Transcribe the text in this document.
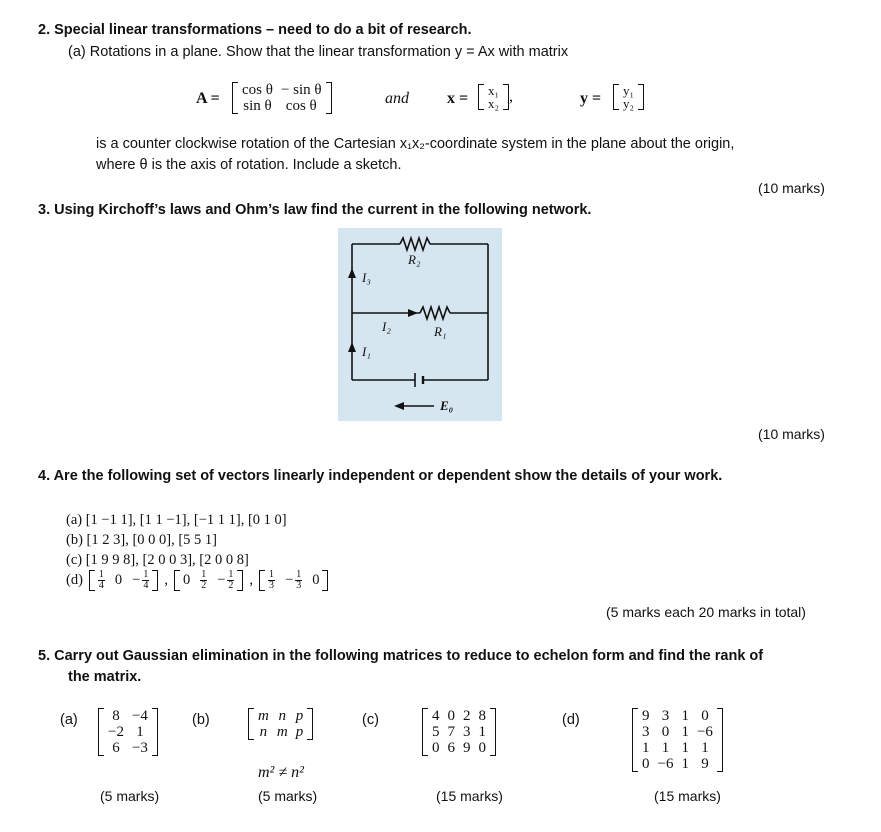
2. Special linear transformations – need to do a bit of research.
(a) Rotations in a plane. Show that the linear transformation y = Ax with matrix
A = cos θ	− sin θ
sin θ	cos θ	and x = x₁
x₂ ,	y = y₁
y₂
is a counter clockwise rotation of the Cartesian x₁x₂-coordinate system in the plane about the origin,
where θ is the axis of rotation. Include a sketch.
(10 marks)
3. Using Kirchoff’s laws and Ohm’s law find the current in the following network.
R₂
R₁
I₃
I₂
I₁
E₀
(10 marks)
4. Are the following set of vectors linearly independent or dependent show the details of your work.
(a) [1 −1 1], [1 1 −1], [−1 1 1], [0 1 0]
(b) [1 2 3], [0 0 0], [5 5 1]
(c) [1 9 9 8], [2 0 0 3], [2 0 0 8]
(d) 1
4 $0 - \frac{1}{4}$ , 0 1
$2 - \frac{1}{2}$ , 1
$3 - \frac{1}{3} 0$
(5 marks each 20 marks in total)
5. Carry out Gaussian elimination in the following matrices to reduce to echelon form and find the rank of
the matrix.
(a) 8	−4
−2	1
6	−3
(5 marks)
(b)	m	n	p
n	m	p
m² ≠ n²
(5 marks)
(c)	4	0	2	8
5	7	3	1
0	6	9	0
(15 marks)
(d)	9	3	1	0
3	0	1	−6
1	1	1	1
0	−6	1	9
(15 marks)
